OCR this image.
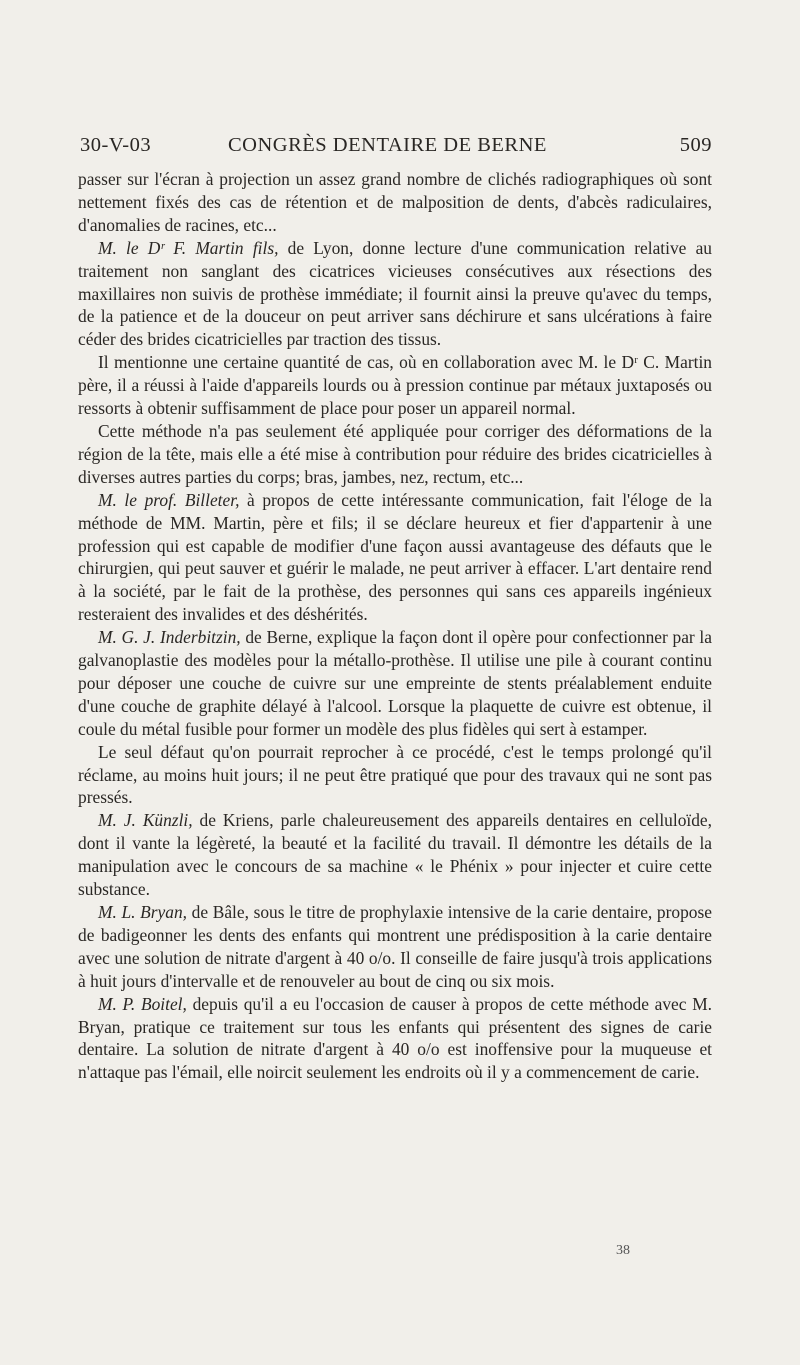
30-V-03	CONGRÈS DENTAIRE DE BERNE	509

passer sur l'écran à projection un assez grand nombre de clichés radiographiques où sont nettement fixés des cas de rétention et de malposition de dents, d'abcès radiculaires, d'anomalies de racines, etc...

M. le Dʳ F. Martin fils, de Lyon, donne lecture d'une communication relative au traitement non sanglant des cicatrices vicieuses consécutives aux résections des maxillaires non suivis de prothèse immédiate; il fournit ainsi la preuve qu'avec du temps, de la patience et de la douceur on peut arriver sans déchirure et sans ulcérations à faire céder des brides cicatricielles par traction des tissus.

Il mentionne une certaine quantité de cas, où en collaboration avec M. le Dʳ C. Martin père, il a réussi à l'aide d'appareils lourds ou à pression continue par métaux juxtaposés ou ressorts à obtenir suffisamment de place pour poser un appareil normal.

Cette méthode n'a pas seulement été appliquée pour corriger des déformations de la région de la tête, mais elle a été mise à contribution pour réduire des brides cicatricielles à diverses autres parties du corps; bras, jambes, nez, rectum, etc...

M. le prof. Billeter, à propos de cette intéressante communication, fait l'éloge de la méthode de MM. Martin, père et fils; il se déclare heureux et fier d'appartenir à une profession qui est capable de modifier d'une façon aussi avantageuse des défauts que le chirurgien, qui peut sauver et guérir le malade, ne peut arriver à effacer. L'art dentaire rend à la société, par le fait de la prothèse, des personnes qui sans ces appareils ingénieux resteraient des invalides et des déshérités.

M. G. J. Inderbitzin, de Berne, explique la façon dont il opère pour confectionner par la galvanoplastie des modèles pour la métallo-prothèse. Il utilise une pile à courant continu pour déposer une couche de cuivre sur une empreinte de stents préalablement enduite d'une couche de graphite délayé à l'alcool. Lorsque la plaquette de cuivre est obtenue, il coule du métal fusible pour former un modèle des plus fidèles qui sert à estamper.

Le seul défaut qu'on pourrait reprocher à ce procédé, c'est le temps prolongé qu'il réclame, au moins huit jours; il ne peut être pratiqué que pour des travaux qui ne sont pas pressés.

M. J. Künzli, de Kriens, parle chaleureusement des appareils dentaires en celluloïde, dont il vante la légèreté, la beauté et la facilité du travail. Il démontre les détails de la manipulation avec le concours de sa machine « le Phénix » pour injecter et cuire cette substance.

M. L. Bryan, de Bâle, sous le titre de prophylaxie intensive de la carie dentaire, propose de badigeonner les dents des enfants qui montrent une prédisposition à la carie dentaire avec une solution de nitrate d'argent à 40 o/o. Il conseille de faire jusqu'à trois applications à huit jours d'intervalle et de renouveler au bout de cinq ou six mois.

M. P. Boitel, depuis qu'il a eu l'occasion de causer à propos de cette méthode avec M. Bryan, pratique ce traitement sur tous les enfants qui présentent des signes de carie dentaire. La solution de nitrate d'argent à 40 o/o est inoffensive pour la muqueuse et n'attaque pas l'émail, elle noircit seulement les endroits où il y a commencement de carie.

38
